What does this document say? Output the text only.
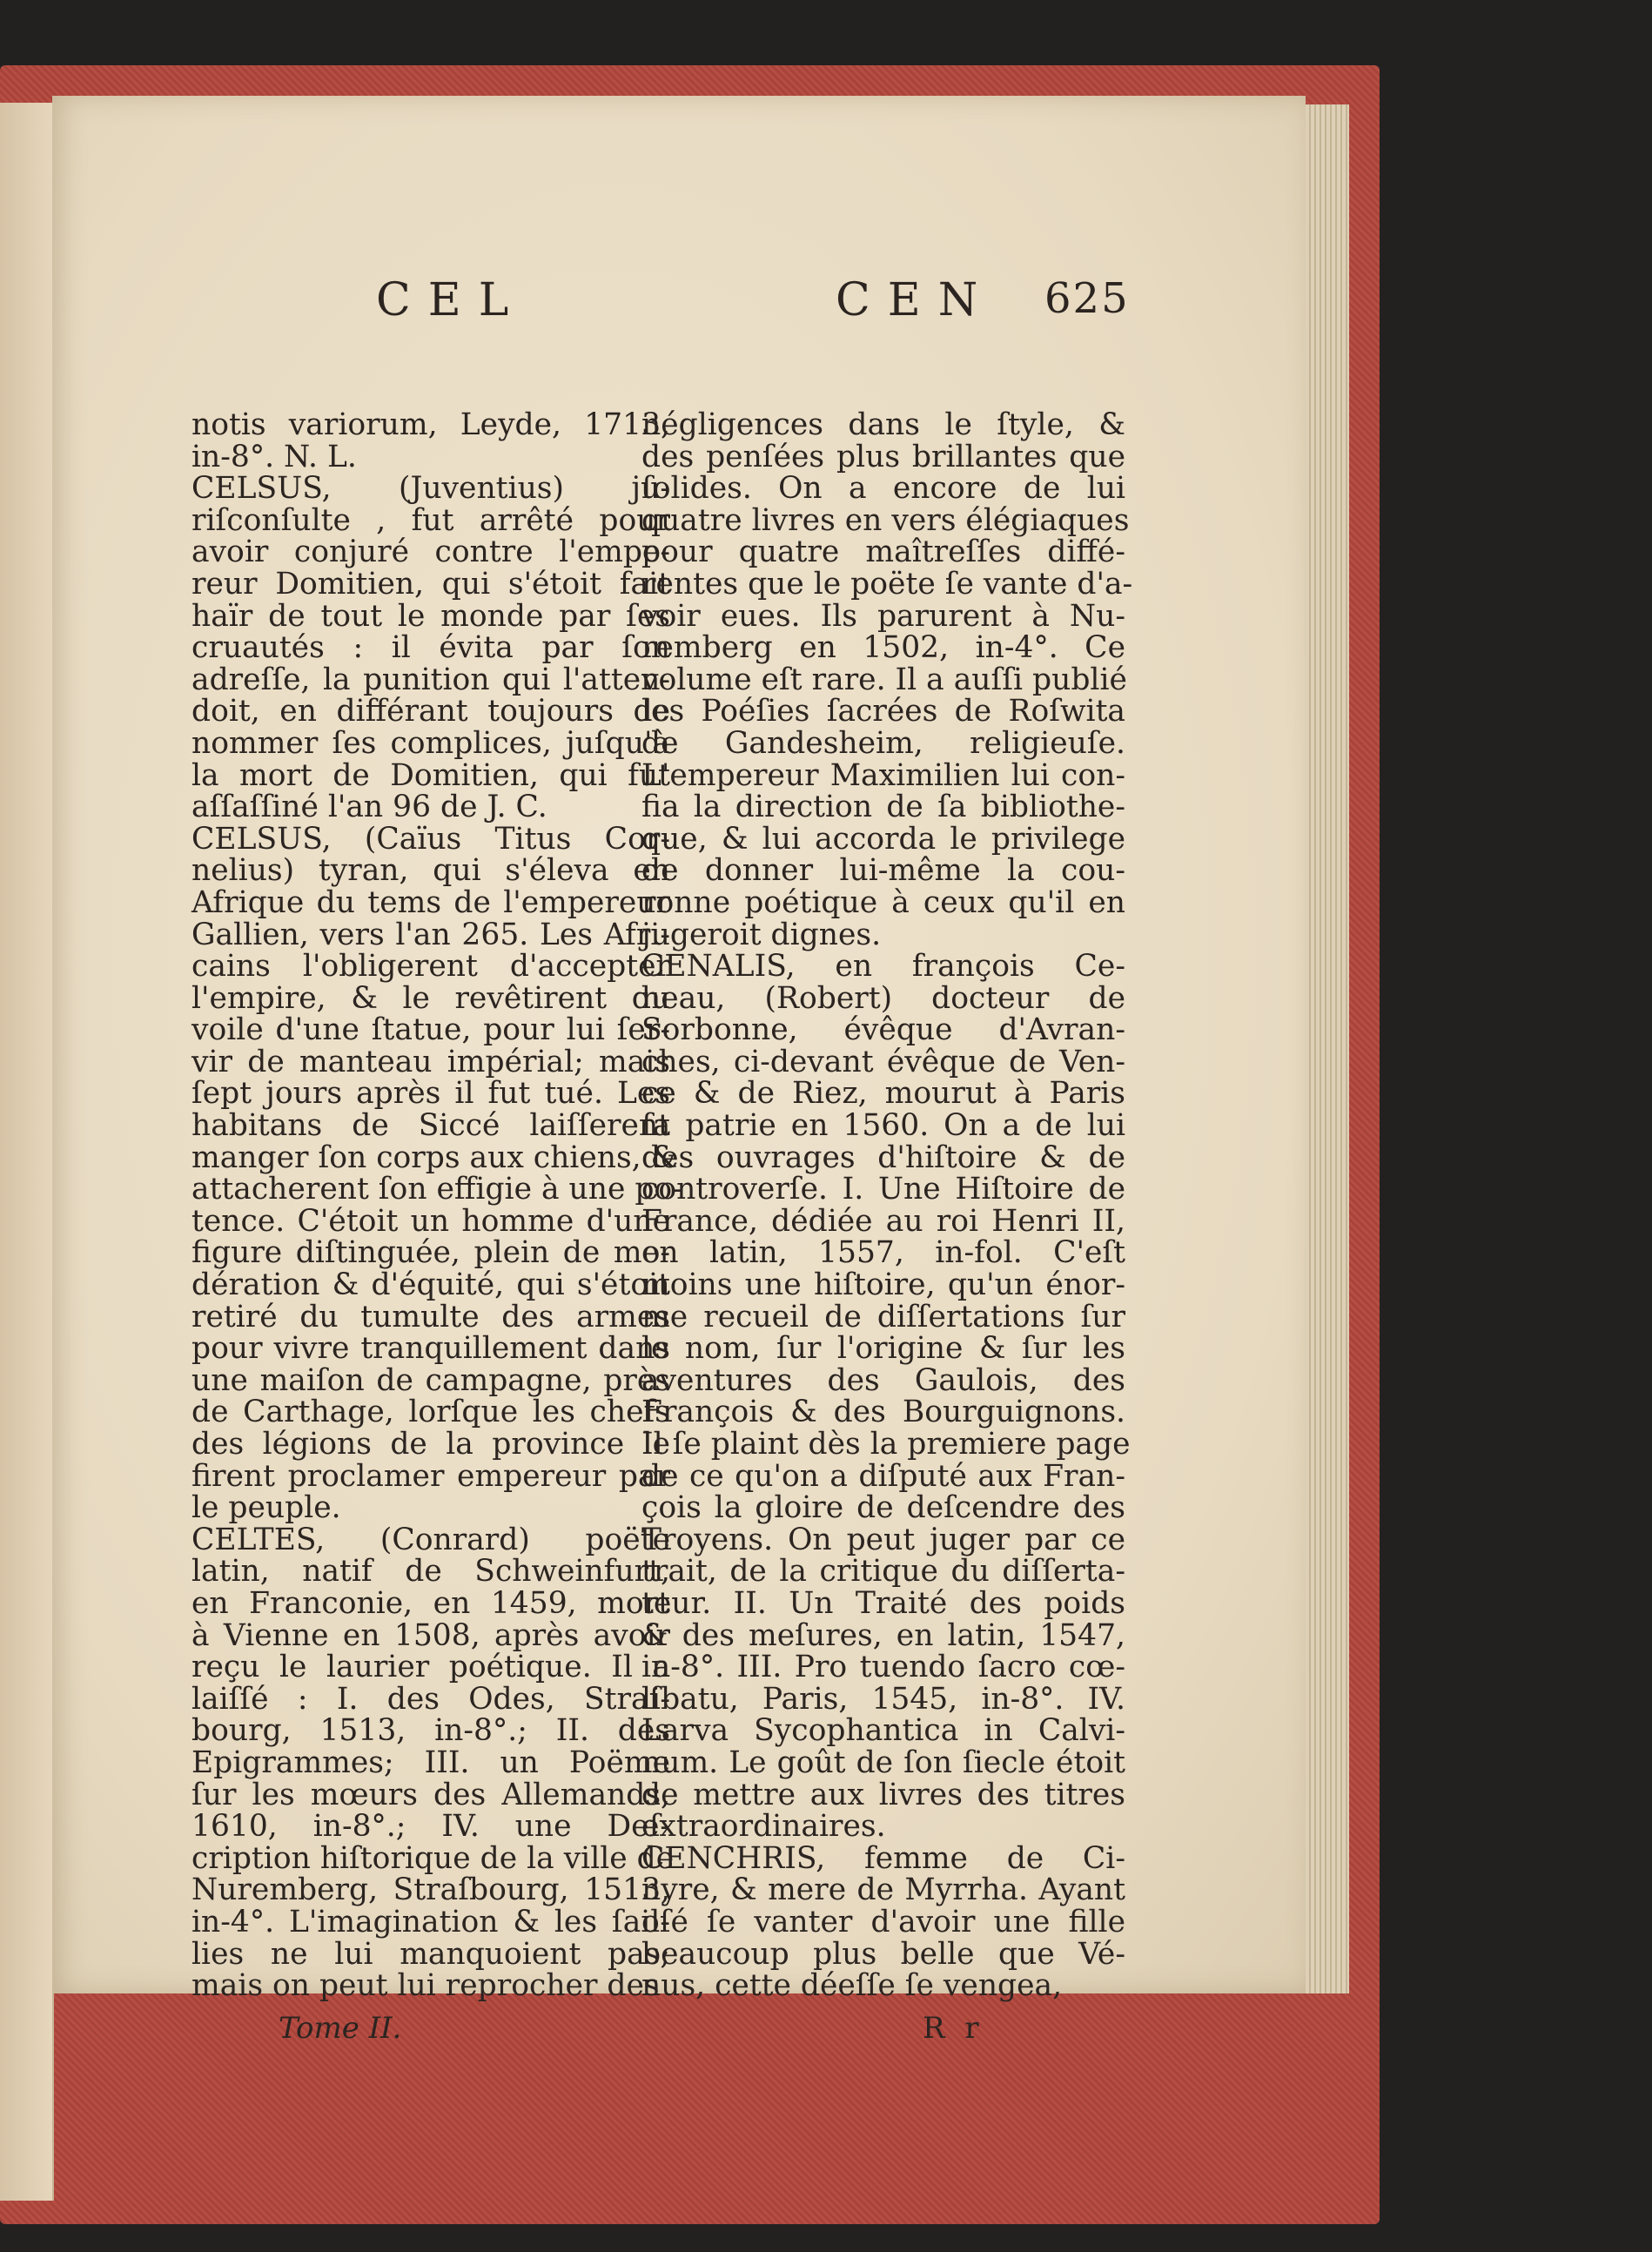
CEL	CEN 625
notis variorum, Leyde, 1713,
in-8°. N. L.
CELSUS, (Juventius) ju-
riſconſulte , fut arrêté pour
avoir conjuré contre l'empe-
reur Domitien, qui s'étoit fait
haïr de tout le monde par ſes
cruautés : il évita par ſon
adreſſe, la punition qui l'atten-
doit, en différant toujours de
nommer ſes complices, juſqu'à
la mort de Domitien, qui fut
aſſaſſiné l'an 96 de J. C.
CELSUS, (Caïus Titus Cor-
nelius) tyran, qui s'éleva en
Afrique du tems de l'empereur
Gallien, vers l'an 265. Les Afri-
cains l'obligerent d'accepter
l'empire, & le revêtirent du
voile d'une ſtatue, pour lui ſer-
vir de manteau impérial; mais
ſept jours après il fut tué. Les
habitans de Siccé laiſſerent
manger ſon corps aux chiens, &
attacherent ſon effigie à une po-
tence. C'étoit un homme d'une
figure diſtinguée, plein de mo-
dération & d'équité, qui s'étoit
retiré du tumulte des armes
pour vivre tranquillement dans
une maiſon de campagne, près
de Carthage, lorſque les chefs
des légions de la province le
firent proclamer empereur par
le peuple.
CELTES, (Conrard) poëte
latin, natif de Schweinfurt,
en Franconie, en 1459, mort
à Vienne en 1508, après avoir
reçu le laurier poétique. Il a
laiſſé : I. des Odes, Straſ-
bourg, 1513, in-8°.; II. des
Epigrammes; III. un Poëme
ſur les mœurs des Allemands,
1610, in-8°.; IV. une Deſ-
cription hiſtorique de la ville de
Nuremberg, Straſbourg, 1513,
in-4°. L'imagination & les ſail-
lies ne lui manquoient pas;
mais on peut lui reprocher des
négligences dans le ſtyle, &
des penſées plus brillantes que
ſolides. On a encore de lui
quatre livres en vers élégiaques
pour quatre maîtreſſes diffé-
rentes que le poëte ſe vante d'a-
voir eues. Ils parurent à Nu-
remberg en 1502, in-4°. Ce
volume eſt rare. Il a auſſi publié
les Poéſies ſacrées de Roſwita
de Gandesheim, religieuſe.
L'empereur Maximilien lui con-
fia la direction de ſa bibliothe-
que, & lui accorda le privilege
de donner lui-même la cou-
ronne poétique à ceux qu'il en
jugeroit dignes.
CENALIS, en françois Ce-
neau, (Robert) docteur de
Sorbonne, évêque d'Avran-
ches, ci-devant évêque de Ven-
ce & de Riez, mourut à Paris
ſa patrie en 1560. On a de lui
des ouvrages d'hiſtoire & de
controverſe. I. Une Hiſtoire de
France, dédiée au roi Henri II,
en latin, 1557, in-fol. C'eſt
moins une hiſtoire, qu'un énor-
me recueil de diſſertations ſur
le nom, ſur l'origine & ſur les
aventures des Gaulois, des
François & des Bourguignons.
Il ſe plaint dès la premiere page
de ce qu'on a diſputé aux Fran-
çois la gloire de deſcendre des
Troyens. On peut juger par ce
trait, de la critique du diſſerta-
teur. II. Un Traité des poids
& des meſures, en latin, 1547,
in-8°. III. Pro tuendo ſacro cœ-
libatu, Paris, 1545, in-8°. IV.
Larva Sycophantica in Calvi-
num. Le goût de ſon ſiecle étoit
de mettre aux livres des titres
extraordinaires.
CENCHRIS, femme de Ci-
nyre, & mere de Myrrha. Ayant
oſé ſe vanter d'avoir une fille
beaucoup plus belle que Vé-
nus, cette déeſſe ſe vengea,
Tome II.	R r
